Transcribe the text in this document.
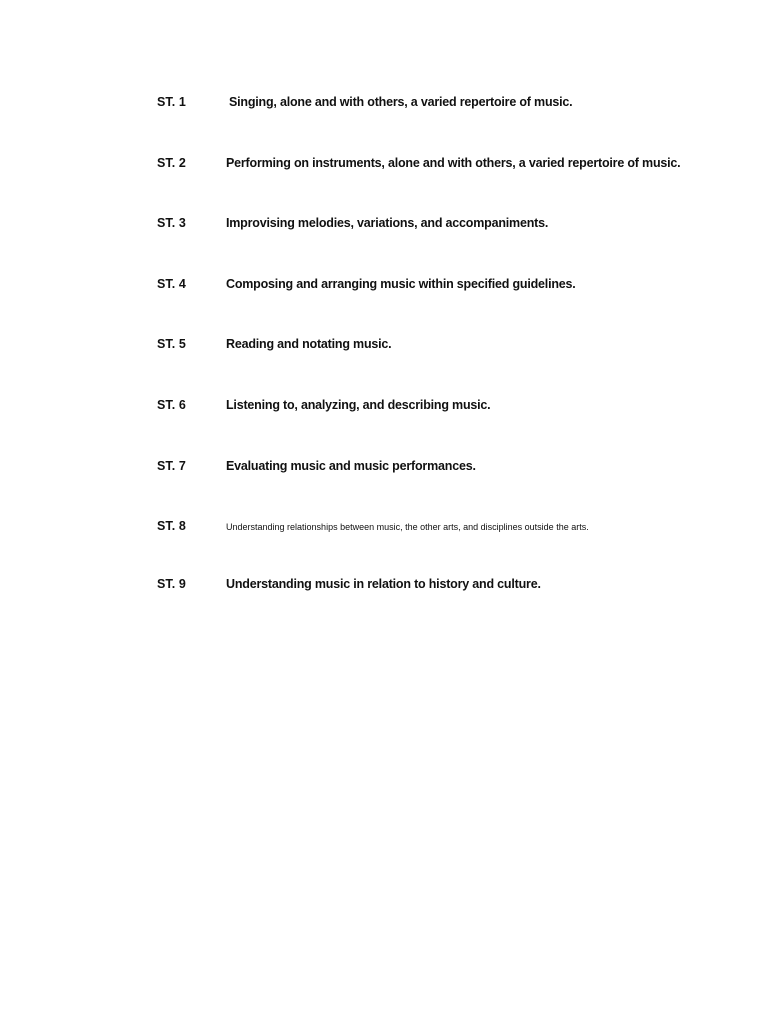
ST. 1	Singing, alone and with others, a varied repertoire of music.
ST. 2	Performing on instruments, alone and with others, a varied repertoire of music.
ST. 3	Improvising melodies, variations, and accompaniments.
ST. 4	Composing and arranging music within specified guidelines.
ST. 5	Reading and notating music.
ST. 6	Listening to, analyzing, and describing music.
ST. 7	Evaluating music and music performances.
ST. 8	Understanding relationships between music, the other arts, and disciplines outside the arts.
ST. 9	Understanding music in relation to history and culture.
